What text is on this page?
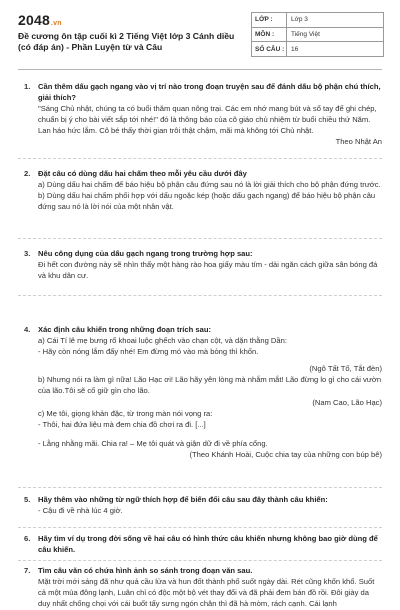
2048.vn
Đề cương ôn tập cuối kì 2 Tiếng Việt lớp 3 Cánh diều (có đáp án) - Phần Luyện từ và Câu
LỚP :	Lớp 3
MÔN :	Tiếng Việt
SỐ CÂU :	16
1.	Cần thêm dấu gạch ngang vào vị trí nào trong đoạn truyện sau để đánh dấu bộ phận chú thích, giải thích?

"Sáng Chủ nhật, chúng ta có buổi thăm quan nông trại. Các em nhớ mang bút và sổ tay để ghi chép, chuẩn bị ý cho bài viết sắp tới nhé!" đó là thông báo của cô giáo chủ nhiệm từ buổi chiều thứ Năm. Lan háo hức lắm. Cô bé thấy thời gian trôi thật chậm, mãi mà không tới Chủ nhật.

Theo Nhật An

2.	Đặt câu có dùng dấu hai chấm theo mỗi yêu cầu dưới đây

a) Dùng dấu hai chấm để báo hiệu bộ phận câu đứng sau nó là lời giải thích cho bộ phận đứng trước.

b) Dùng dấu hai chấm phối hợp với dấu ngoặc kép (hoặc dấu gạch ngang) để báo hiệu bộ phận câu đứng sau nó là lời nói của một nhân vật.

3.	Nêu công dụng của dấu gạch ngang trong trường hợp sau:

Đi hết con đường này sẽ nhìn thấy một hàng rào hoa giấy màu tím - dải ngăn cách giữa sân bóng đá và khu dân cư.

4.	Xác định câu khiến trong những đoạn trích sau:

a) Cái Tí lê mẹ bưng rổ khoai luộc ghếch vào chạn cột, và dặn thằng Dần:

- Hãy còn nóng lắm đấy nhé! Em đừng mó vào mà bỏng thì khốn.

(Ngô Tất Tố, Tắt đèn)

b) Nhưng nói ra làm gì nữa! Lão Hạc ơi! Lão hãy yên lòng mà nhắm mắt! Lão đừng lo gì cho cái vườn của lão.Tôi sẽ cố giữ gìn cho lão.

(Nam Cao, Lão Hạc)

c) Mẹ tôi, giọng khản đặc, từ trong màn nói vọng ra:

- Thôi, hai đứa liệu mà đem chia đồ chơi ra đi. [...]

- Lằng nhằng mãi. Chia ra! – Mẹ tôi quát và giận dữ đi về phía cổng.

(Theo Khánh Hoài, Cuộc chia tay của những con búp bê)

5.	Hãy thêm vào những từ ngữ thích hợp để biến đổi câu sau đây thành câu khiến:

- Cậu đi về nhà lúc 4 giờ.

6.	Hãy tìm ví dụ trong đời sống về hai câu có hình thức câu khiến nhưng không bao giờ dùng để câu khiến.

7.	Tìm câu văn có chứa hình ảnh so sánh trong đoạn văn sau.

Mặt trời mới sáng đã như quả cầu lửa và hun đốt thành phố suốt ngày dài. Rét cũng khốn khổ. Suốt cả một mùa đông lạnh, Luân chỉ có độc một bộ vét thay đổi và đã phải đem bán đồ rồi. Đôi giày da duy nhất chống chọi với cái buốt tấy sưng ngón chân thì đã hà mòm, rách cạnh. Cái lạnh
